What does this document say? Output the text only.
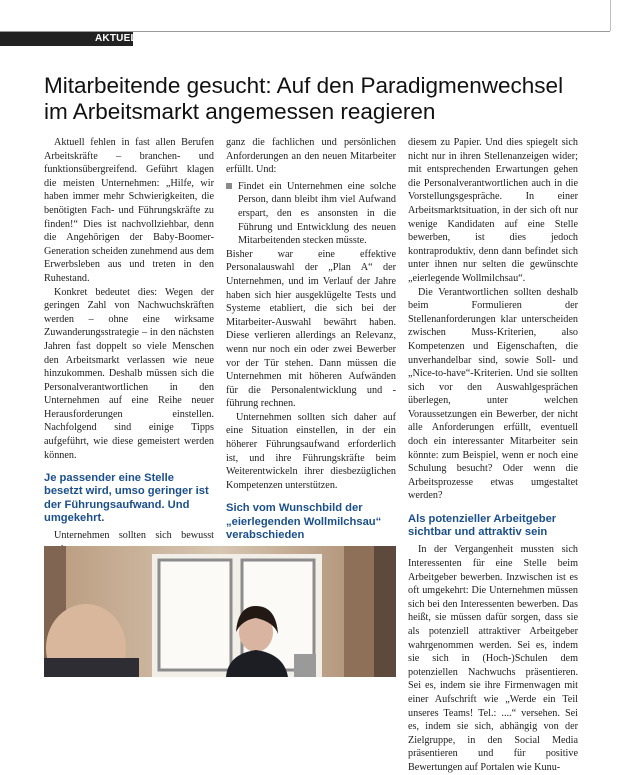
AKTUELL
Mitarbeitende gesucht: Auf den Paradigmenwechsel
im Arbeitsmarkt angemessen reagieren

Aktuell fehlen in fast allen Berufen Arbeitskräfte – branchen- und funktionsübergreifend. Geführt klagen die meisten Unternehmen: „Hilfe, wir haben immer mehr Schwierigkeiten, die benötigten Fach- und Führungskräfte zu finden!“ Dies ist nachvollziehbar, denn die Angehörigen der Baby-Boomer-Generation scheiden zunehmend aus dem Erwerbsleben aus und treten in den Ruhestand.

Konkret bedeutet dies: Wegen der geringen Zahl von Nachwuchskräften werden – ohne eine wirksame Zuwanderungsstrategie – in den nächsten Jahren fast doppelt so viele Menschen den Arbeitsmarkt verlassen wie neue hinzukommen. Deshalb müssen sich die Personalverantwortlichen in den Unternehmen auf eine Reihe neuer Herausforderungen einstellen. Nachfolgend sind einige Tipps aufgeführt, wie diese gemeistert werden können.

Je passender eine Stelle besetzt wird, umso geringer ist der Führungsaufwand. Und umgekehrt.

Unternehmen sollten sich bewusst

ganz die fachlichen und persönlichen Anforderungen an den neuen Mitarbeiter erfüllt. Und:

Findet ein Unternehmen eine solche Person, dann bleibt ihm viel Aufwand erspart, den es ansonsten in die Führung und Entwicklung des neuen Mitarbeitenden stecken müsste.

Bisher war eine effektive Personalauswahl der „Plan A“ der Unternehmen, und im Verlauf der Jahre haben sich hier ausgeklügelte Tests und Systeme etabliert, die sich bei der Mitarbeiter-Auswahl bewährt haben. Diese verlieren allerdings an Relevanz, wenn nur noch ein oder zwei Bewerber vor der Tür stehen. Dann müssen die Unternehmen mit höheren Aufwänden für die Personalentwicklung und -führung rechnen.

Unternehmen sollten sich daher auf eine Situation einstellen, in der ein höherer Führungsaufwand erforderlich ist, und ihre Führungskräfte beim Weiterentwickeln ihrer diesbezüglichen Kompetenzen unterstützen.

Sich vom Wunschbild der „eierlegenden Wollmilchsau“ verabschieden

diesem zu Papier. Und dies spiegelt sich nicht nur in ihren Stellenanzeigen wider; mit entsprechenden Erwartungen gehen die Personalverantwortlichen auch in die Vorstellungsgespräche. In einer Arbeitsmarktsituation, in der sich oft nur wenige Kandidaten auf eine Stelle bewerben, ist dies jedoch kontraproduktiv, denn dann befindet sich unter ihnen nur selten die gewünschte „eierlegende Wollmilchsau“.

Die Verantwortlichen sollten deshalb beim Formulieren der Stellenanforderungen klar unterscheiden zwischen Muss-Kriterien, also Kompetenzen und Eigenschaften, die unverhandelbar sind, sowie Soll- und „Nice-to-have“-Kriterien. Und sie sollten sich vor den Auswahlgesprächen überlegen, unter welchen Voraussetzungen ein Bewerber, der nicht alle Anforderungen erfüllt, eventuell doch ein interessanter Mitarbeiter sein könnte: zum Beispiel, wenn er noch eine Schulung besucht? Oder wenn die Arbeitsprozesse etwas umgestaltet werden?

Als potenzieller Arbeitgeber sichtbar und attraktiv sein

In der Vergangenheit mussten sich Interessenten für eine Stelle beim Arbeitgeber bewerben. Inzwischen ist es oft umgekehrt: Die Unternehmen müssen sich bei den Interessenten bewerben. Das heißt, sie müssen dafür sorgen, dass sie als potenziell attraktiver Arbeitgeber wahrgenommen werden. Sei es, indem sie sich in (Hoch-)Schulen dem potenziellen Nachwuchs präsentieren. Sei es, indem sie ihre Firmenwagen mit einer Aufschrift wie „Werde ein Teil unseres Teams! Tel.: ....“ versehen. Sei es, indem sie sich, abhängig von der Zielgruppe, in den Social Media präsentieren und für positive Bewertungen auf Portalen wie Kunu-
